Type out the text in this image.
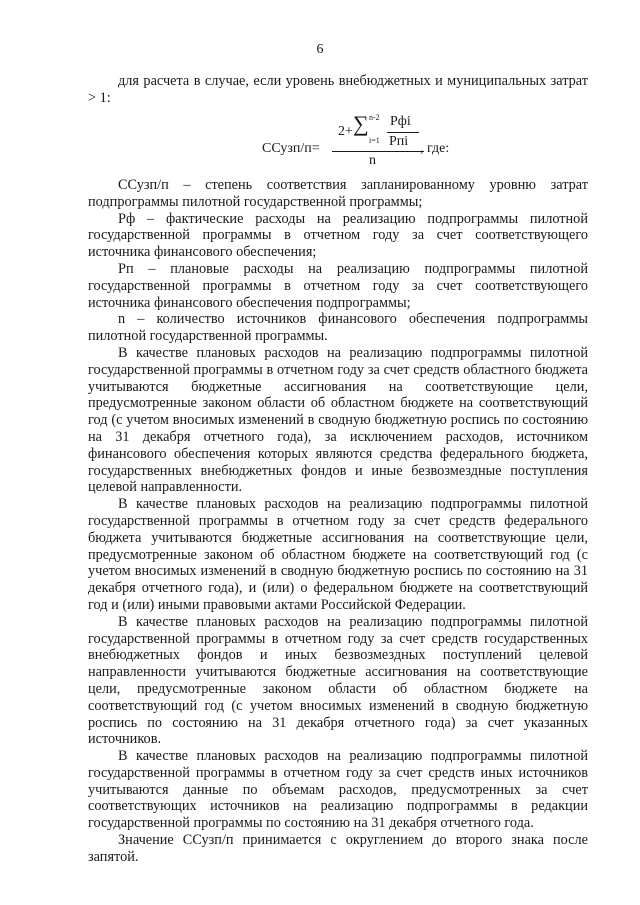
6

для расчета в случае, если уровень внебюджетных и муниципальных затрат > 1:

ССузп/п=
2+ ∑ n-2
i=1
Рфi
Рпi
n
, где:

ССузп/п – степень соответствия запланированному уровню затрат подпрограммы пилотной государственной программы;

Рф – фактические расходы на реализацию подпрограммы пилотной государственной программы в отчетном году за счет соответствующего источника финансового обеспечения;

Рп – плановые расходы на реализацию подпрограммы пилотной государственной программы в отчетном году за счет соответствующего источника финансового обеспечения подпрограммы;

n – количество источников финансового обеспечения подпрограммы пилотной государственной программы.

В качестве плановых расходов на реализацию подпрограммы пилотной государственной программы в отчетном году за счет средств областного бюджета учитываются бюджетные ассигнования на соответствующие цели, предусмотренные законом области об областном бюджете на соответствующий год (с учетом вносимых изменений в сводную бюджетную роспись по состоянию на 31 декабря отчетного года), за исключением расходов, источником финансового обеспечения которых являются средства федерального бюджета, государственных внебюджетных фондов и иные безвозмездные поступления целевой направленности.

В качестве плановых расходов на реализацию подпрограммы пилотной государственной программы в отчетном году за счет средств федерального бюджета учитываются бюджетные ассигнования на соответствующие цели, предусмотренные законом об областном бюджете на соответствующий год (с учетом вносимых изменений в сводную бюджетную роспись по состоянию на 31 декабря отчетного года), и (или) о федеральном бюджете на соответствующий год и (или) иными правовыми актами Российской Федерации.

В качестве плановых расходов на реализацию подпрограммы пилотной государственной программы в отчетном году за счет средств государственных внебюджетных фондов и иных безвозмездных поступлений целевой направленности учитываются бюджетные ассигнования на соответствующие цели, предусмотренные законом области об областном бюджете на соответствующий год (с учетом вносимых изменений в сводную бюджетную роспись по состоянию на 31 декабря отчетного года) за счет указанных источников.

В качестве плановых расходов на реализацию подпрограммы пилотной государственной программы в отчетном году за счет средств иных источников учитываются данные по объемам расходов, предусмотренных за счет соответствующих источников на реализацию подпрограммы в редакции государственной программы по состоянию на 31 декабря отчетного года.

Значение ССузп/п принимается с округлением до второго знака после запятой.
